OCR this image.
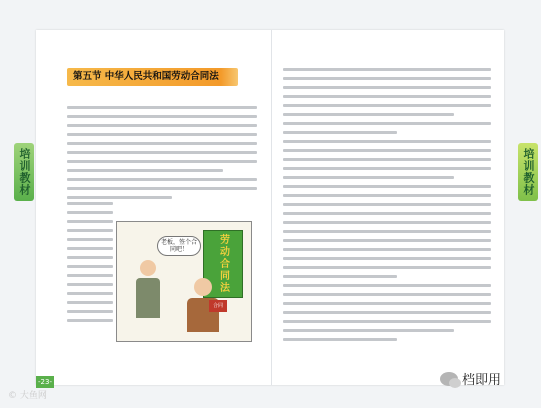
培训教材	培训教材
第五节 中华人民共和国劳动合同法
老板，签个合同吧！	劳动合同法
合同
-23-
© 大鱼网
档即用
